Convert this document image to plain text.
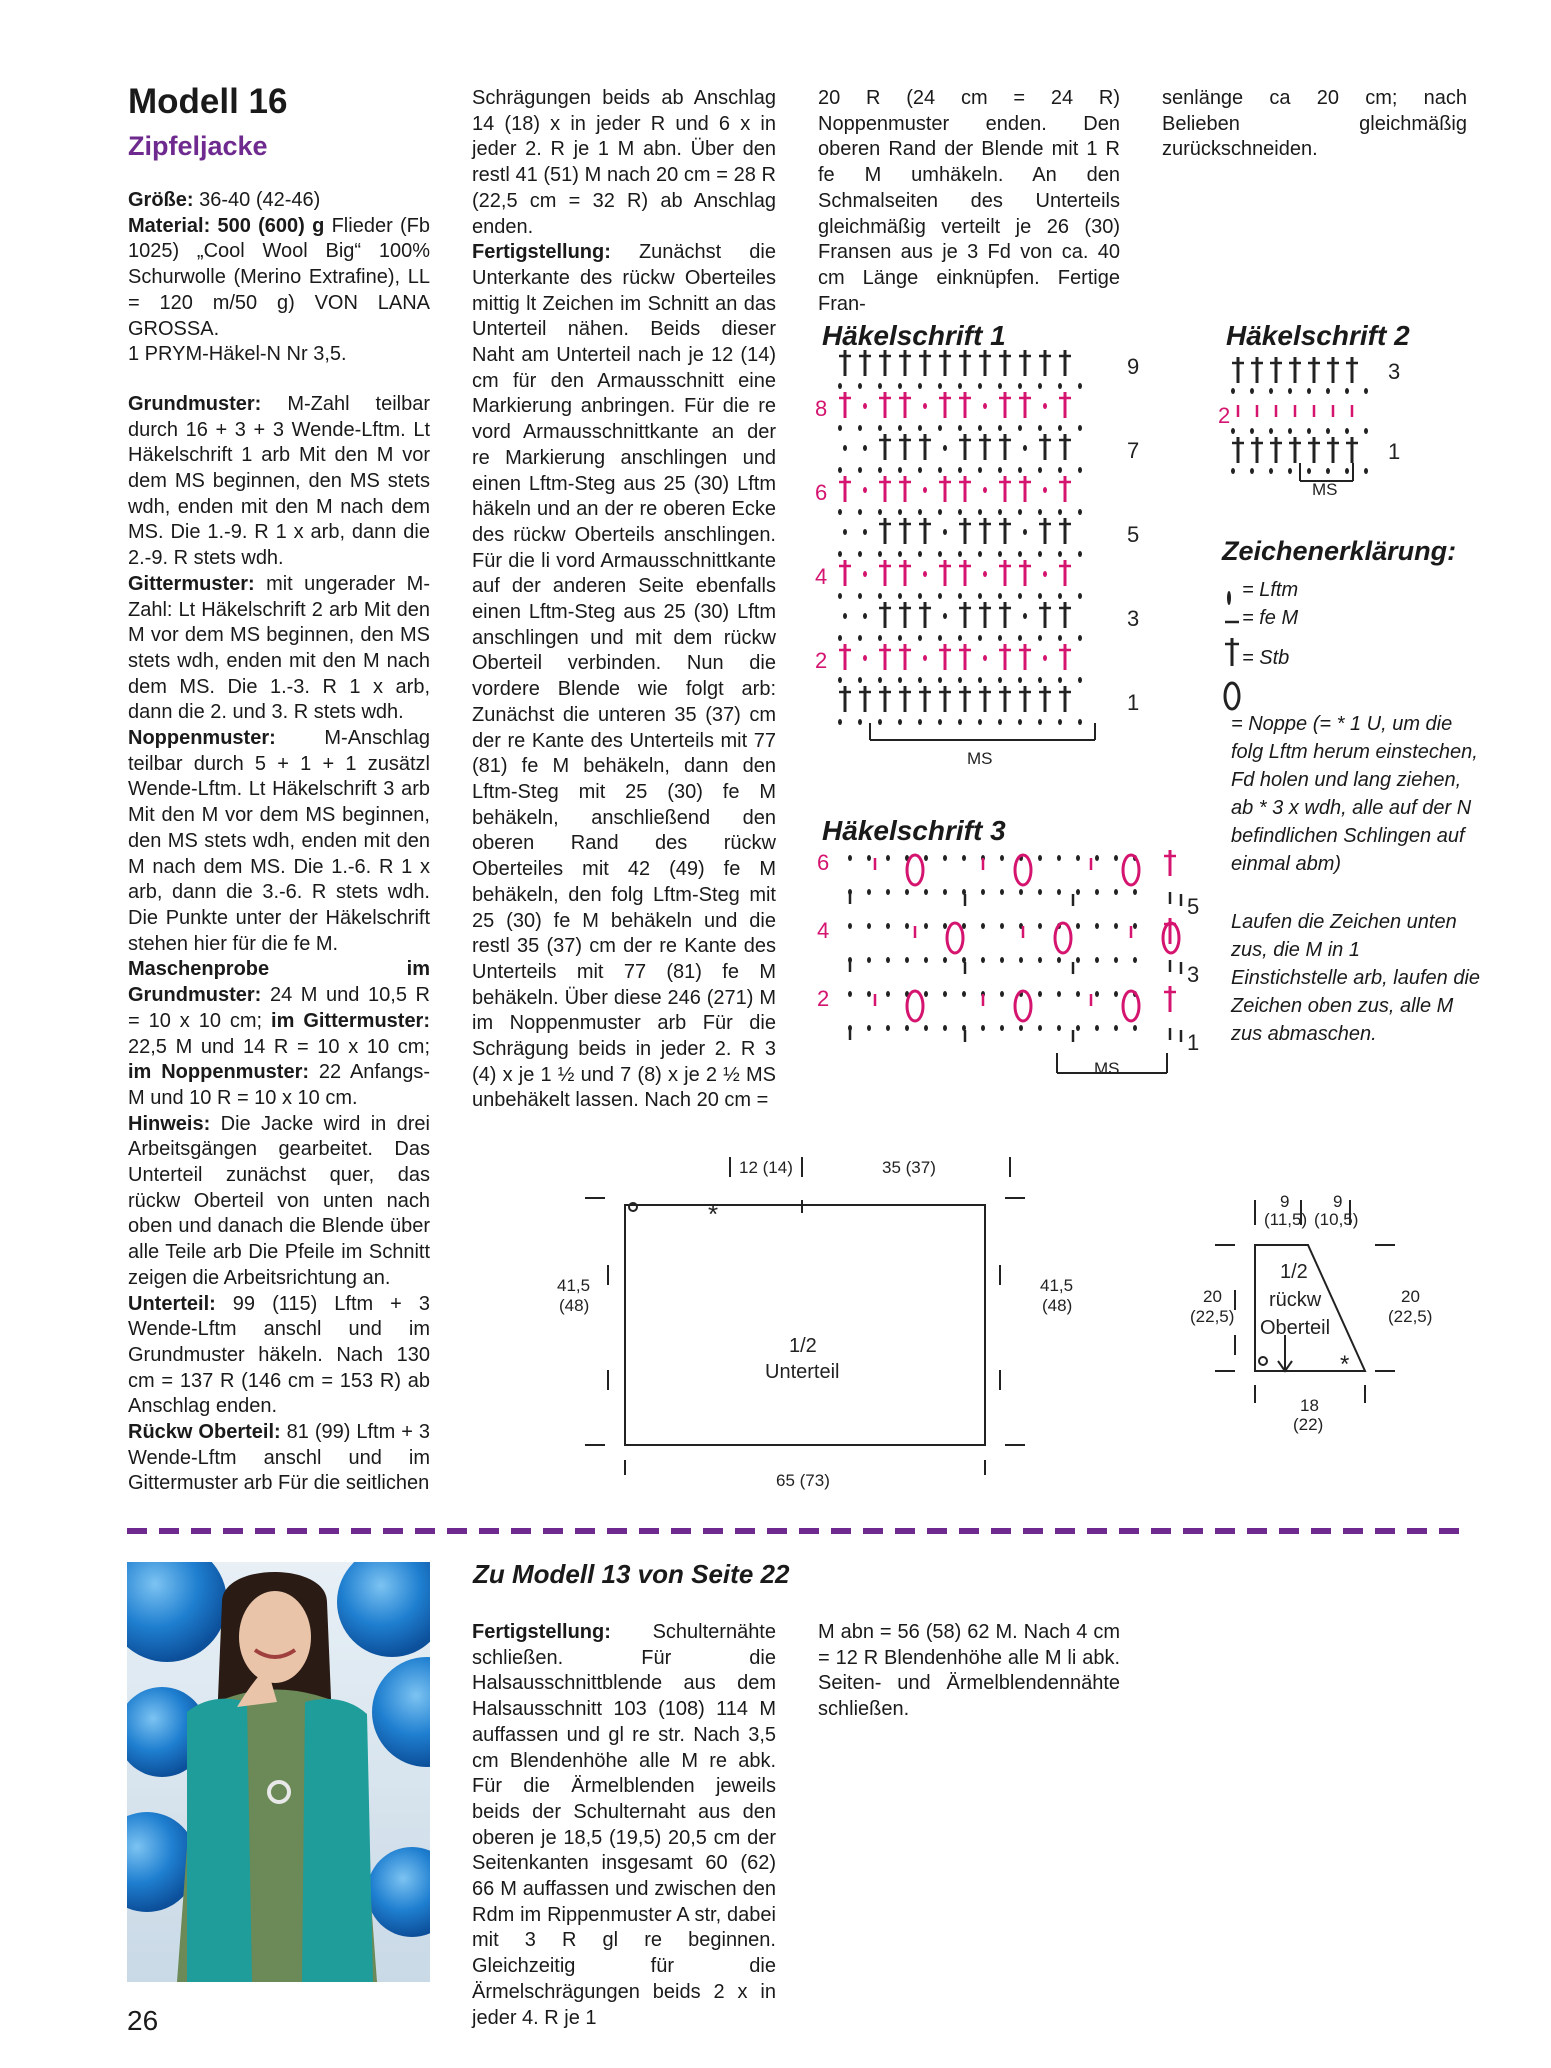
Modell 16
Zipfeljacke

Größe: 36-40 (42-46)

Material: 500 (600) g Flieder (Fb 1025) „Cool Wool Big“ 100% Schurwolle (Merino Extrafine), LL = 120 m/50 g) VON LANA GROSSA.

1 PRYM-Häkel-N Nr 3,5.

Grundmuster: M-Zahl teilbar durch 16 + 3 + 3 Wende-Lftm. Lt Häkelschrift 1 arb Mit den M vor dem MS beginnen, den MS stets wdh, enden mit den M nach dem MS. Die 1.-9. R 1 x arb, dann die 2.-9. R stets wdh.

Gittermuster: mit ungerader M-Zahl: Lt Häkelschrift 2 arb Mit den M vor dem MS beginnen, den MS stets wdh, enden mit den M nach dem MS. Die 1.-3. R 1 x arb, dann die 2. und 3. R stets wdh.

Noppenmuster: M-Anschlag teilbar durch 5 + 1 + 1 zusätzl Wende-Lftm. Lt Häkelschrift 3 arb Mit den M vor dem MS beginnen, den MS stets wdh, enden mit den M nach dem MS. Die 1.-6. R 1 x arb, dann die 3.-6. R stets wdh. Die Punkte unter der Häkelschrift stehen hier für die fe M.

Maschenprobe im Grundmuster: 24 M und 10,5 R = 10 x 10 cm; im Gittermuster: 22,5 M und 14 R = 10 x 10 cm; im Noppenmuster: 22 Anfangs-M und 10 R = 10 x 10 cm.

Hinweis: Die Jacke wird in drei Arbeitsgängen gearbeitet. Das Unterteil zunächst quer, das rückw Oberteil von unten nach oben und danach die Blende über alle Teile arb Die Pfeile im Schnitt zeigen die Arbeitsrichtung an.

Unterteil: 99 (115) Lftm + 3 Wende-Lftm anschl und im Grundmuster häkeln. Nach 130 cm = 137 R (146 cm = 153 R) ab Anschlag enden.

Rückw Oberteil: 81 (99) Lftm + 3 Wende-Lftm anschl und im Gittermuster arb Für die seitlichen

Schrägungen beids ab Anschlag 14 (18) x in jeder R und 6 x in jeder 2. R je 1 M abn. Über den restl 41 (51) M nach 20 cm = 28 R (22,5 cm = 32 R) ab Anschlag enden.

Fertigstellung: Zunächst die Unterkante des rückw Oberteiles mittig lt Zeichen im Schnitt an das Unterteil nähen. Beids dieser Naht am Unterteil nach je 12 (14) cm für den Armausschnitt eine Markierung anbringen. Für die re vord Armausschnittkante an der re Markierung anschlingen und einen Lftm-Steg aus 25 (30) Lftm häkeln und an der re oberen Ecke des rückw Oberteils anschlingen. Für die li vord Armausschnittkante auf der anderen Seite ebenfalls einen Lftm-Steg aus 25 (30) Lftm anschlingen und mit dem rückw Oberteil verbinden. Nun die vordere Blende wie folgt arb: Zunächst die unteren 35 (37) cm der re Kante des Unterteils mit 77 (81) fe M behäkeln, dann den Lftm-Steg mit 25 (30) fe M behäkeln, anschließend den oberen Rand des rückw Oberteiles mit 42 (49) fe M behäkeln, den folg Lftm-Steg mit 25 (30) fe M behäkeln und die restl 35 (37) cm der re Kante des Unterteils mit 77 (81) fe M behäkeln. Über diese 246 (271) M im Noppenmuster arb Für die Schrägung beids in jeder 2. R 3 (4) x je 1 ½ und 7 (8) x je 2 ½ MS unbehäkelt lassen. Nach 20 cm =

20 R (24 cm = 24 R) Noppenmuster enden. Den oberen Rand der Blende mit 1 R fe M umhäkeln. An den Schmalseiten des Unterteils gleichmäßig verteilt je 26 (30) Fransen aus je 3 Fd von ca. 40 cm Länge einknüpfen. Fertige Fran-

senlänge ca 20 cm; nach Belieben gleichmäßig zurückschneiden.

Häkelschrift 1	Häkelschrift 2
Häkelschrift 3
9
8
7
6
5
4
3
2
1
MS
3
2
1
MS
6
5
4
3
2
1
MS
Zeichenerklärung:
= Lftm
= fe M
= Stb
= Noppe (= * 1 U, um die folg Lftm herum einstechen, Fd holen und lang ziehen, ab * 3 x wdh, alle auf der N befindlichen Schlingen auf einmal abm)
Laufen die Zeichen unten zus, die M in 1 Einstichstelle arb, laufen die Zeichen oben zus, alle M zus abmaschen.
*
12 (14)	35 (37)
41,5
(48)
41,5
(48)
1/2
Unterteil
65 (73)
*
9
(11,5)
9
(10,5)
20
(22,5)
20
(22,5)
1/2
rückw
Oberteil
18
(22)
Zu Modell 13 von Seite 22

Fertigstellung: Schulternähte schließen. Für die Halsausschnittblende aus dem Halsausschnitt 103 (108) 114 M auffassen und gl re str. Nach 3,5 cm Blendenhöhe alle M re abk. Für die Ärmelblenden jeweils beids der Schulternaht aus den oberen je 18,5 (19,5) 20,5 cm der Seitenkanten insgesamt 60 (62) 66 M auffassen und zwischen den Rdm im Rippenmuster A str, dabei mit 3 R gl re beginnen. Gleichzeitig für die Ärmelschrägungen beids 2 x in jeder 4. R je 1

M abn = 56 (58) 62 M. Nach 4 cm = 12 R Blendenhöhe alle M li abk. Seiten- und Ärmelblendennähte schließen.

26
